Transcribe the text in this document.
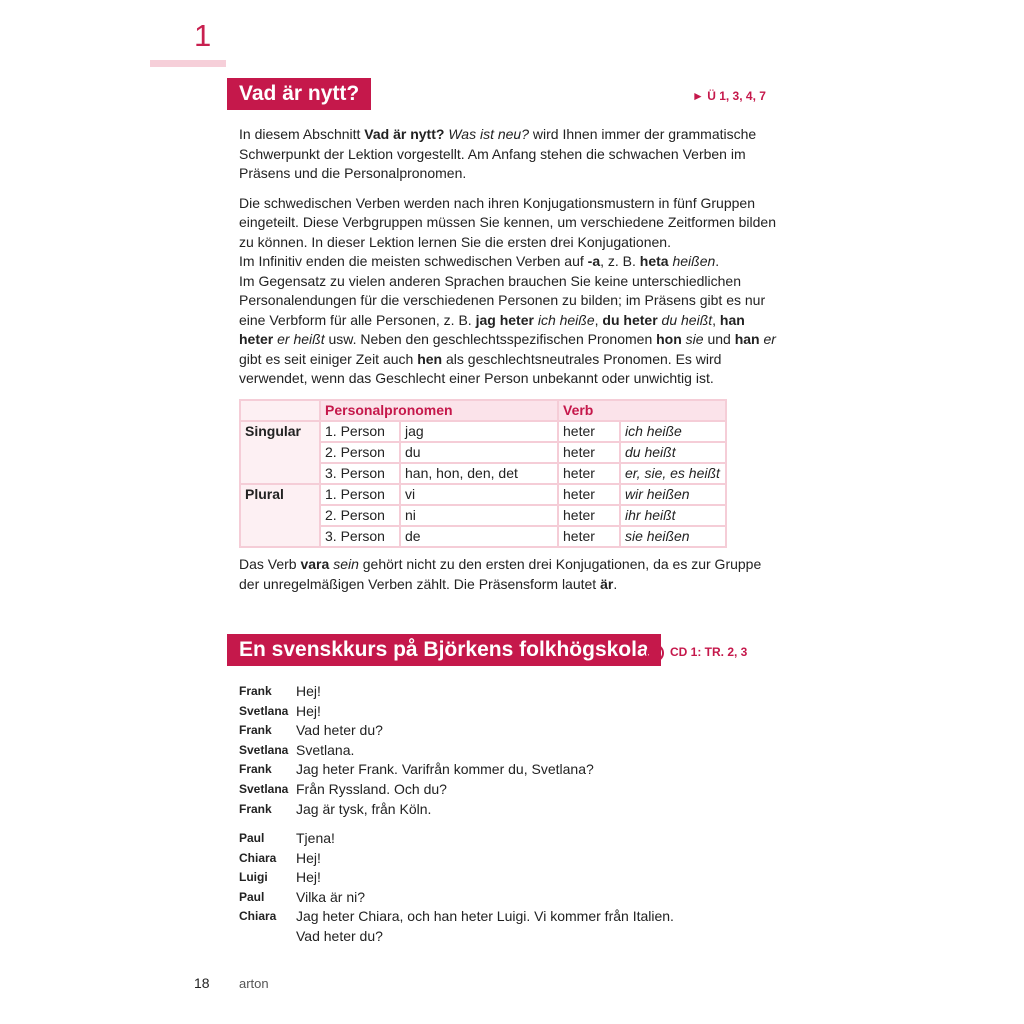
1
Vad är nytt?	► Ü 1, 3, 4, 7

In diesem Abschnitt Vad är nytt? Was ist neu? wird Ihnen immer der grammatische Schwerpunkt der Lektion vorgestellt. Am Anfang stehen die schwachen Verben im Präsens und die Personalpronomen.

Die schwedischen Verben werden nach ihren Konjugationsmustern in fünf Gruppen eingeteilt. Diese Verbgruppen müssen Sie kennen, um verschiedene Zeitformen bilden zu können. In dieser Lektion lernen Sie die ersten drei Konjugationen.
Im Infinitiv enden die meisten schwedischen Verben auf -a, z. B. heta heißen.
Im Gegensatz zu vielen anderen Sprachen brauchen Sie keine unterschiedlichen Personalendungen für die verschiedenen Personen zu bilden; im Präsens gibt es nur eine Verbform für alle Personen, z. B. jag heter ich heiße, du heter du heißt, han heter er heißt usw. Neben den geschlechtsspezifischen Pronomen hon sie und han er gibt es seit einiger Zeit auch hen als geschlechtsneutrales Pronomen. Es wird verwendet, wenn das Geschlecht einer Person unbekannt oder unwichtig ist.

	Personalpronomen		Verb	
Singular	1. Person	jag	heter	ich heiße
	2. Person	du	heter	du heißt
	3. Person	han, hon, den, det	heter	er, sie, es heißt
Plural	1. Person	vi	heter	wir heißen
	2. Person	ni	heter	ihr heißt
	3. Person	de	heter	sie heißen

Das Verb vara sein gehört nicht zu den ersten drei Konjugationen, da es zur Gruppe der unregelmäßigen Verben zählt. Die Präsensform lautet är.

En svenskkurs på Björkens folkhögskola	CD 1: TR. 2, 3
Frank	Hej!
Svetlana Hej!
Frank	Vad heter du?
Svetlana Svetlana.
Frank	Jag heter Frank. Varifrån kommer du, Svetlana?
Svetlana Från Ryssland. Och du?
Frank	Jag är tysk, från Köln.
Paul	Tjena!
Chiara	Hej!
Luigi	Hej!
Paul	Vilka är ni?
Chiara	Jag heter Chiara, och han heter Luigi. Vi kommer från Italien.
Vad heter du?
18 arton
